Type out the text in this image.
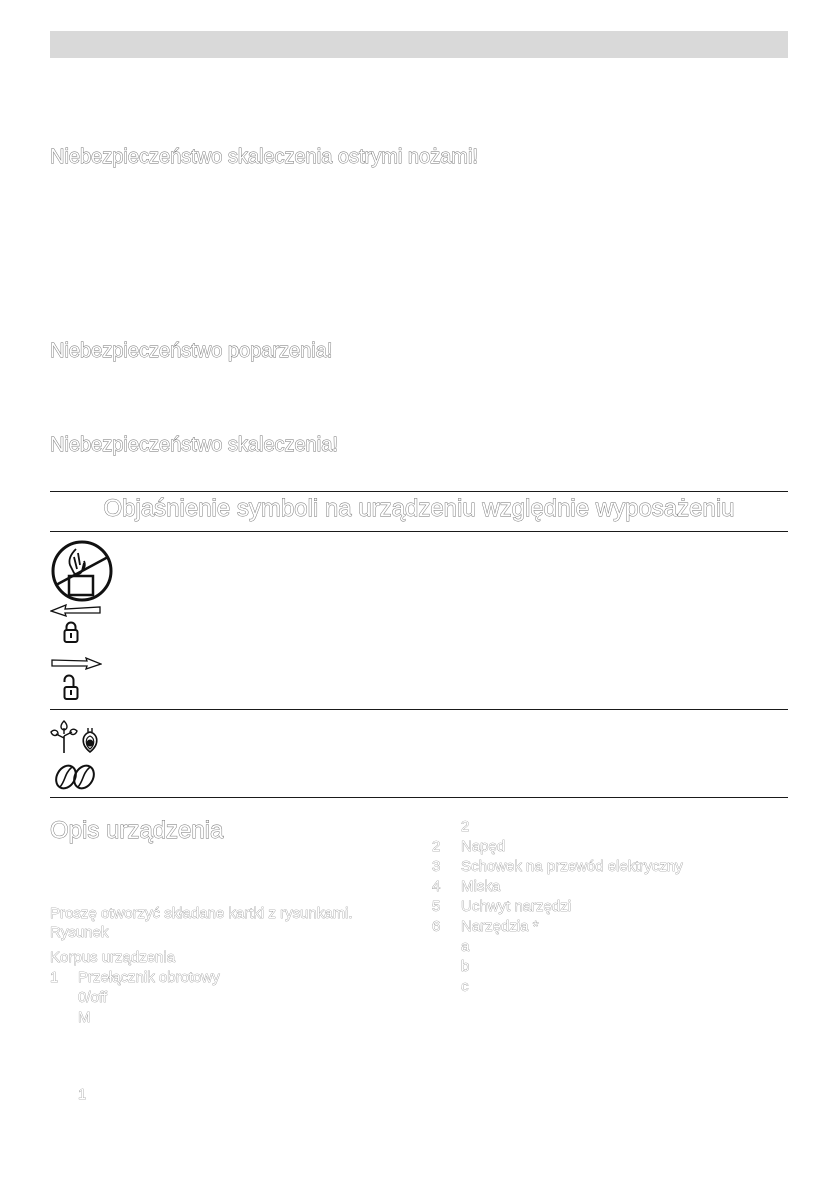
Niebezpieczeństwo skaleczenia ostrymi nożami!
Niebezpieczeństwo poparzenia!
Niebezpieczeństwo skaleczenia!
Objaśnienie symboli na urządzeniu względnie wyposażeniu
Opis urządzenia
Proszę otworzyć składane kartki z rysunkami.
Rysunek
Korpus urządzenia
1	Przełącznik obrotowy
0/off
M
1
2
2	Napęd
3	Schowek na przewód elektryczny
4	Miska
5	Uchwyt narzędzi
6	Narzędzia *
a
b
c
